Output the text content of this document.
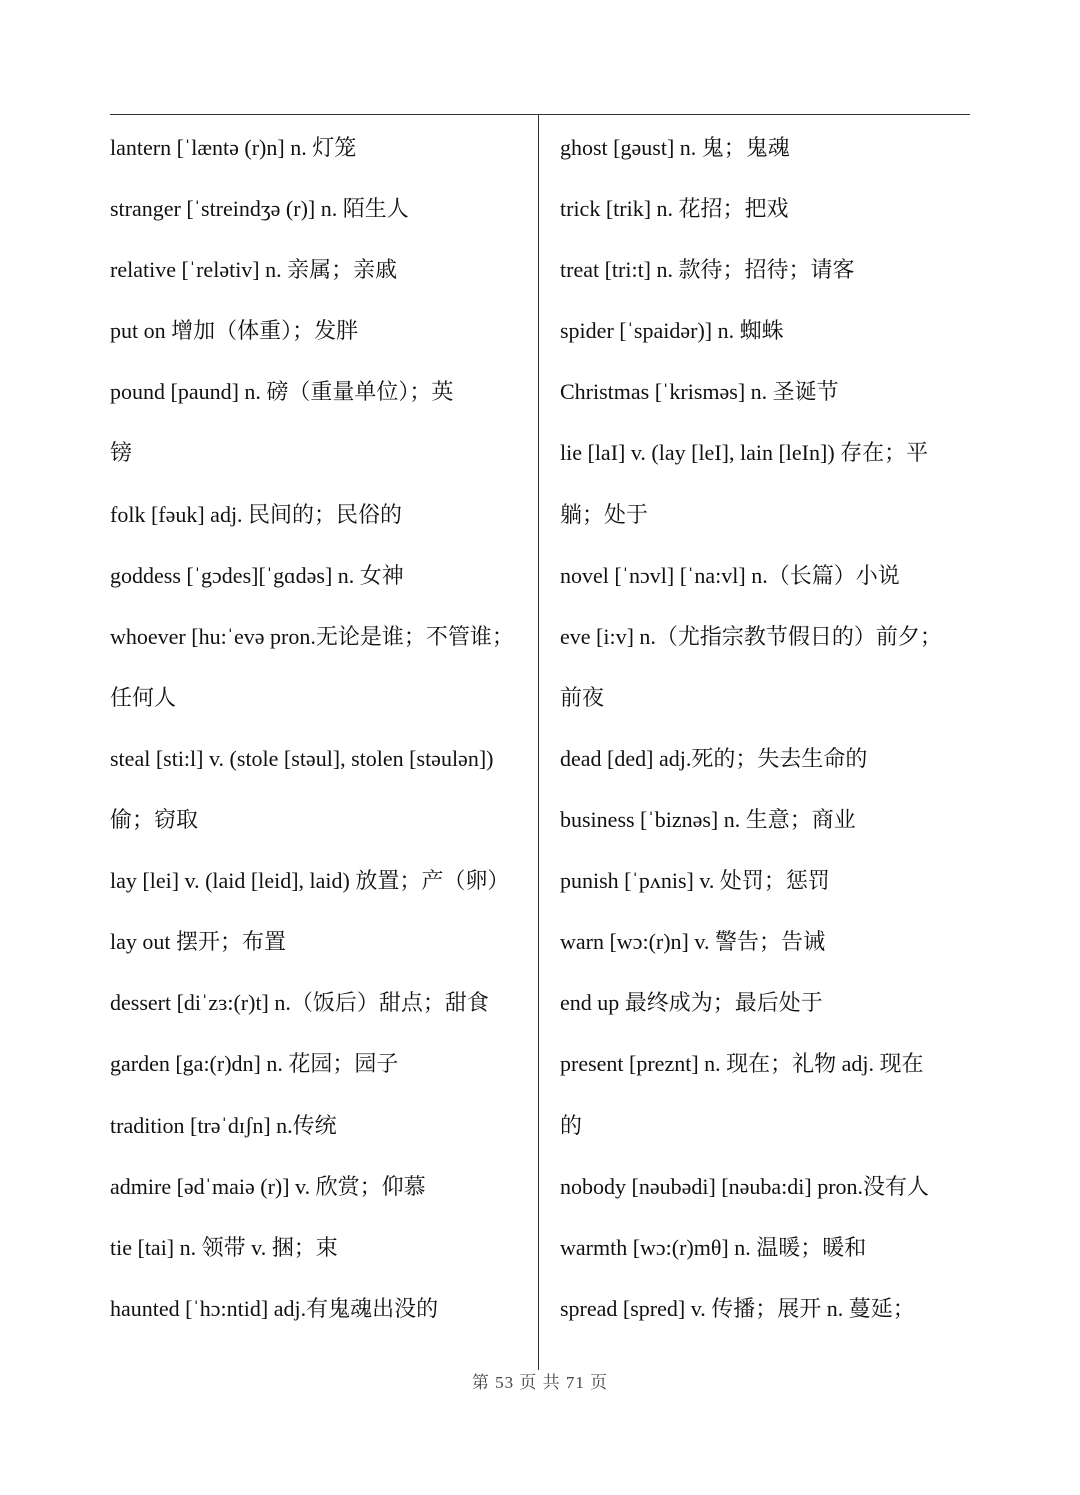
lantern [ˈlæntə (r)n] n. 灯笼
stranger [ˈstreindʒə (r)] n. 陌生人
relative [ˈrelətiv] n. 亲属；亲戚
put on 增加（体重）；发胖
pound [paund] n. 磅（重量单位）；英
镑
folk [fəuk] adj. 民间的；民俗的
goddess [ˈgɔdes][ˈgɑdəs] n. 女神
whoever [hu:ˈevə pron.无论是谁；不管谁；
任何人
steal [sti:l] v. (stole [stəul], stolen [stəulən])
偷；窃取
lay [lei] v. (laid [leid], laid) 放置；产（卵）
lay out 摆开；布置
dessert [diˈzɜ:(r)t] n.（饭后）甜点；甜食
garden [ga:(r)dn] n. 花园；园子
tradition [trəˈdɪʃn] n.传统
admire [ədˈmaiə (r)] v. 欣赏；仰慕
tie [tai] n. 领带 v. 捆；束
haunted [ˈhɔ:ntid] adj.有鬼魂出没的
ghost [gəust] n. 鬼；鬼魂
trick [trik] n. 花招；把戏
treat [tri:t] n. 款待；招待；请客
spider [ˈspaidər)] n. 蜘蛛
Christmas [ˈkrisməs] n. 圣诞节
lie [laI] v. (lay [leI], lain [leIn]) 存在；平
躺；处于
novel [ˈnɔvl] [ˈna:vl] n.（长篇）小说
eve [i:v] n.（尤指宗教节假日的）前夕；
前夜
dead [ded] adj.死的；失去生命的
business [ˈbiznəs] n. 生意；商业
punish [ˈpʌnis] v. 处罚；惩罚
warn [wɔ:(r)n] v. 警告；告诫
end up 最终成为；最后处于
present [preznt] n. 现在；礼物 adj. 现在
的
nobody [nəubədi] [nəuba:di] pron.没有人
warmth [wɔ:(r)mθ] n. 温暖；暖和
spread [spred] v. 传播；展开 n. 蔓延；
第 53 页 共 71 页
